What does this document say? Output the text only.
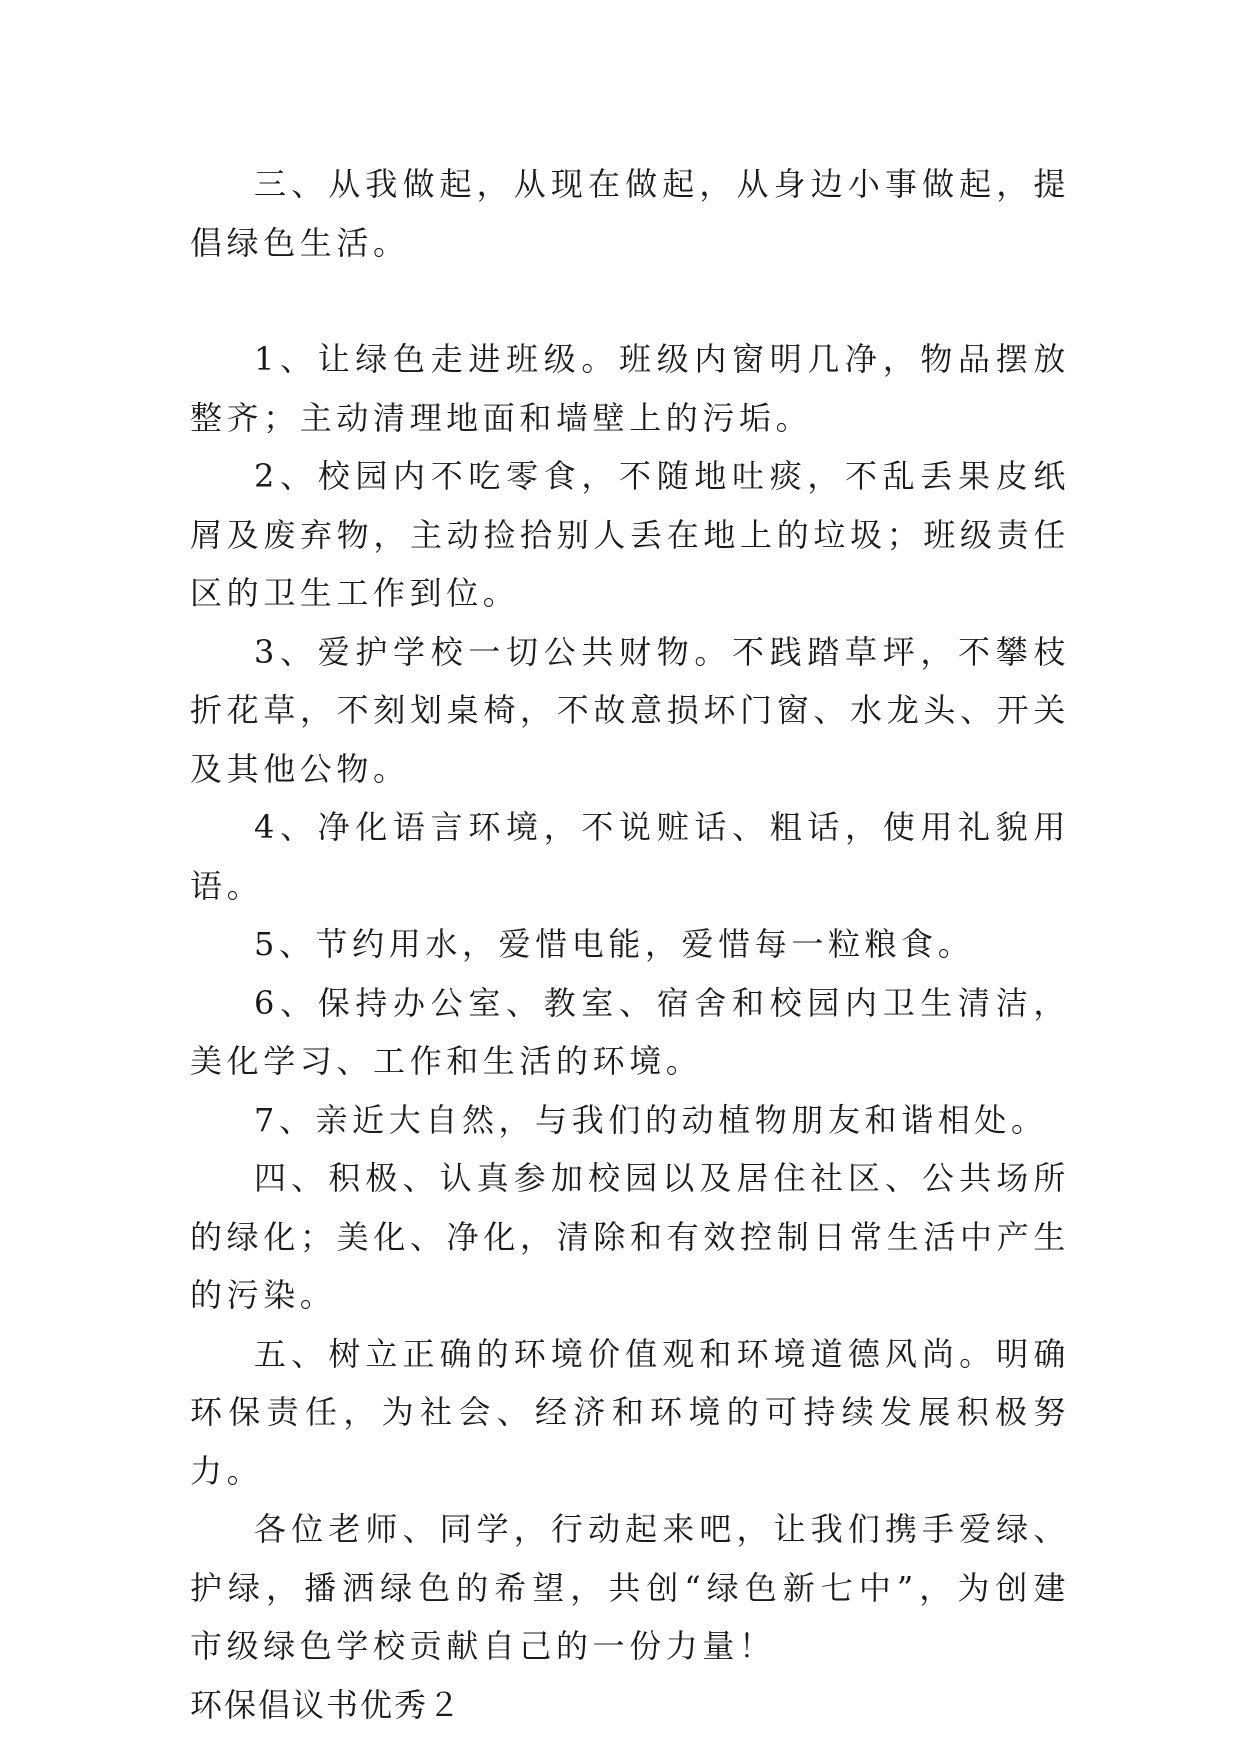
三、从我做起，从现在做起，从身边小事做起，提倡绿色生活。

1、让绿色走进班级。班级内窗明几净，物品摆放整齐；主动清理地面和墙壁上的污垢。

2、校园内不吃零食，不随地吐痰，不乱丢果皮纸屑及废弃物，主动捡拾别人丢在地上的垃圾；班级责任区的卫生工作到位。

3、爱护学校一切公共财物。不践踏草坪，不攀枝折花草，不刻划桌椅，不故意损坏门窗、水龙头、开关及其他公物。

4、净化语言环境，不说赃话、粗话，使用礼貌用语。

5、节约用水，爱惜电能，爱惜每一粒粮食。

6、保持办公室、教室、宿舍和校园内卫生清洁，美化学习、工作和生活的环境。

7、亲近大自然，与我们的动植物朋友和谐相处。

四、积极、认真参加校园以及居住社区、公共场所的绿化；美化、净化，清除和有效控制日常生活中产生的污染。

五、树立正确的环境价值观和环境道德风尚。明确环保责任，为社会、经济和环境的可持续发展积极努力。

各位老师、同学，行动起来吧，让我们携手爱绿、护绿，播洒绿色的希望，共创“绿色新七中”，为创建市级绿色学校贡献自己的一份力量！

环保倡议书优秀２
